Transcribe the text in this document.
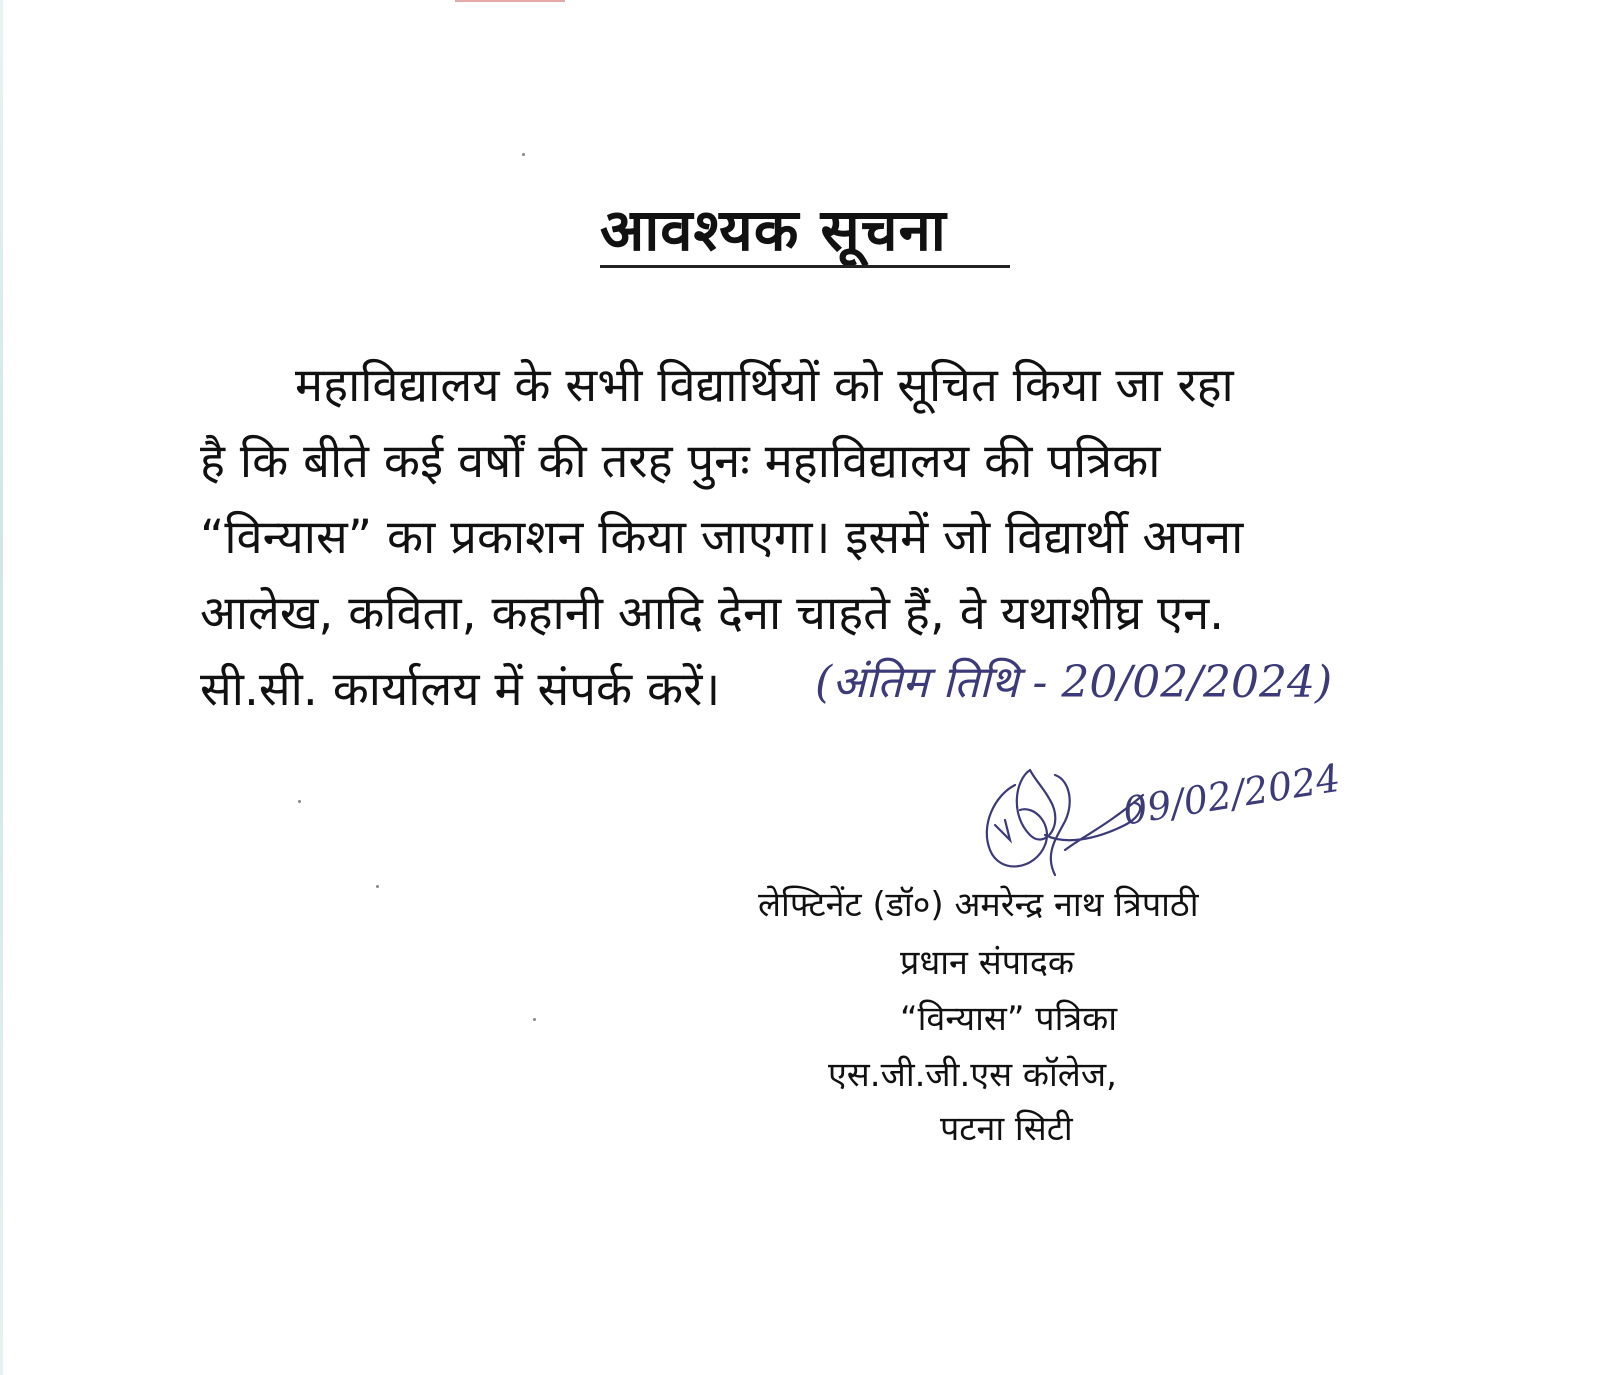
आवश्यक सूचना
महाविद्यालय के सभी विद्यार्थियों को सूचित किया जा रहा
है कि बीते कई वर्षों की तरह पुनः महाविद्यालय की पत्रिका
“विन्यास” का प्रकाशन किया जाएगा। इसमें जो विद्यार्थी अपना
आलेख, कविता, कहानी आदि देना चाहते हैं, वे यथाशीघ्र एन.
सी.सी. कार्यालय में संपर्क करें। (अंतिम तिथि - 20/02/2024)
09/02/2024
लेफ्टिनेंट (डॉ०) अमरेन्द्र नाथ त्रिपाठी
प्रधान संपादक
“विन्यास” पत्रिका
एस.जी.जी.एस कॉलेज,
पटना सिटी
